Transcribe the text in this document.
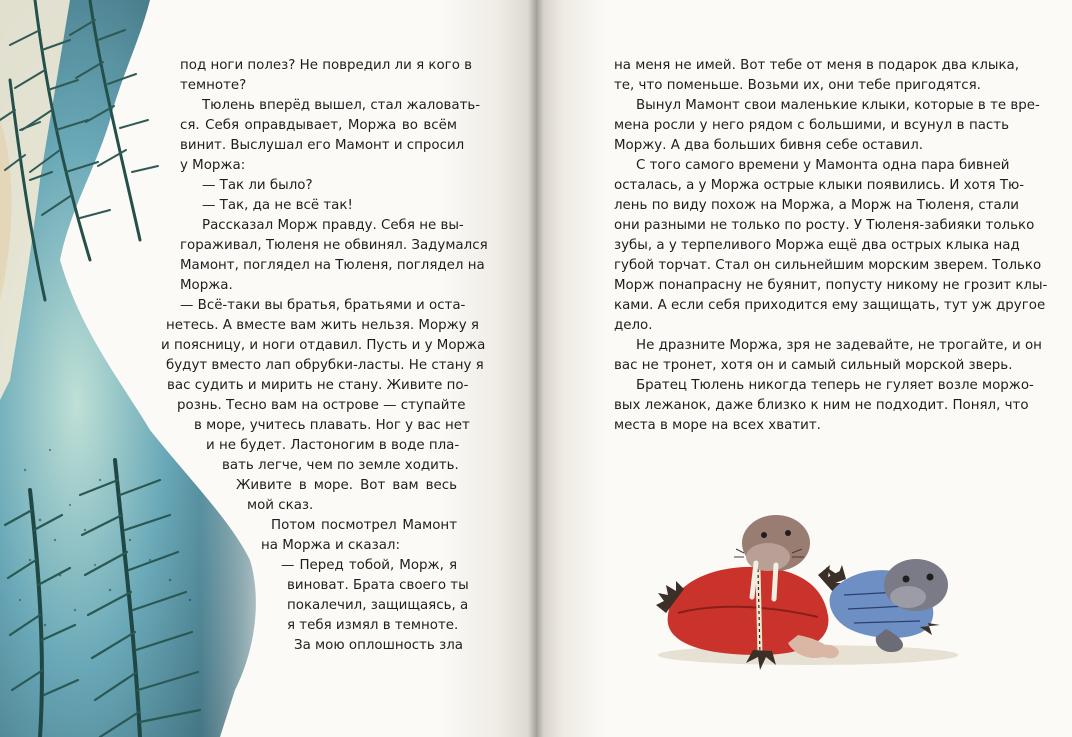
под ноги полез? Не повредил ли я кого в

темноте?

Тюлень вперёд вышел, стал жаловать-

ся. Себя оправдывает, Моржа во всём

винит. Выслушал его Мамонт и спросил

у Моржа:

— Так ли было?

— Так, да не всё так!

Рассказал Морж правду. Себя не вы-

гораживал, Тюленя не обвинял. Задумался

Мамонт, поглядел на Тюленя, поглядел на

Моржа.

— Всё-таки вы братья, братьями и оста-

нетесь. А вместе вам жить нельзя. Моржу я

и поясницу, и ноги отдавил. Пусть и у Моржа

будут вместо лап обрубки-ласты. Не стану я

вас судить и мирить не стану. Живите по-

рознь. Тесно вам на острове — ступайте

в море, учитесь плавать. Ног у вас нет

и не будет. Ластоногим в воде пла-

вать легче, чем по земле ходить.

Живите в море. Вот вам весь

мой сказ.

Потом посмотрел Мамонт

на Моржа и сказал:

— Перед тобой, Морж, я

виноват. Брата своего ты

покалечил, защищаясь, а

я тебя измял в темноте.

За мою оплошность зла

на меня не имей. Вот тебе от меня в подарок два клыка,

те, что поменьше. Возьми их, они тебе пригодятся.

Вынул Мамонт свои маленькие клыки, которые в те вре-

мена росли у него рядом с большими, и всунул в пасть

Моржу. А два больших бивня себе оставил.

С того самого времени у Мамонта одна пара бивней

осталась, а у Моржа острые клыки появились. И хотя Тю-

лень по виду похож на Моржа, а Морж на Тюленя, стали

они разными не только по росту. У Тюленя-забияки только

зубы, а у терпеливого Моржа ещё два острых клыка над

губой торчат. Стал он сильнейшим морским зверем. Только

Морж понапрасну не буянит, попусту никому не грозит клы-

ками. А если себя приходится ему защищать, тут уж другое

дело.

Не дразните Моржа, зря не задевайте, не трогайте, и он

вас не тронет, хотя он и самый сильный морской зверь.

Братец Тюлень никогда теперь не гуляет возле моржо-

вых лежанок, даже близко к ним не подходит. Понял, что

места в море на всех хватит.
